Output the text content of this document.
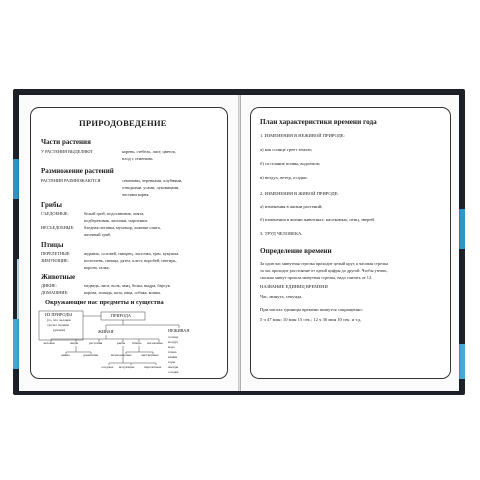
ПРИРОДОВЕДЕНИЕ
Части растения
У РАСТЕНИЯ ВЫДЕЛЯЮТ	корень, стебель, лист, цветок,
плод с семенами.
Размножение растений
РАСТЕНИЯ РАЗМНОЖАЮТСЯ	семенами, черенками, клубнями,
отводками, усами, луковицами,
частями корня.
Грибы
СЪЕДОБНЫЕ:	белый гриб, подосиновик, опята,
подберезовик, лисички, сыроежки.
НЕСЪЕДОБНЫЕ: бледная поганка, мухомор, ложные опята,
желчный гриб.
Птицы
ПЕРЕЛЕТНЫЕ:	журавль, соловей, скворец, ласточка, грач, кукушка.
ЗИМУЮЩИЕ:	поползень, синица, дятел, клест, воробей, снегирь,
ворона, галка.
Животные
ДИКИЕ:	медведь, лиса, волк, заяц, белка, выдра, барсук.
ДОМАШНИЕ:	корова, лошадь, коза, овца, собака, кошка.
Окружающие нас предметы и существа
ИЗ ПРИРОДЫ
(то, что человек
сделал своими
руками)
ПРИРОДА
ЖИВАЯ	НЕЖИВАЯ
человек	звери	растения	рыбы птицы насекомые
дикие	домашние	вечнозеленые	лиственные
солнце
воздух
вода
почва
камни
горы
звезды
осадки
оседлые кочующие	перелетные
План характеристики времени года
1. ИЗМЕНЕНИЯ В НЕЖИВОЙ ПРИРОДЕ:
а) как солнце греет землю;
б) состояние почвы, водоемов;
в) воздух, ветер, осадки.
2. ИЗМЕНЕНИЯ В ЖИВОЙ ПРИРОДЕ:
а) изменения в жизни растений;
б) изменения в жизни животных: насекомых, птиц, зверей.
3. ТРУД ЧЕЛОВЕКА.
Определение времени
За один час минутная стрелка проходит целый круг, а часовая стрелка
за час проходит расстояние от одной цифры до другой. Чтобы узнать,
сколько минут прошла минутная стрелка, надо считать от 12.
НАЗВАНИЕ ЕДИНИЦ ВРЕМЕНИ
Час, минута, секунда.
При числах единицы времени пишутся сокращенно:
5 ч 47 мин; 10 мин 15 сек.; 12 ч 30 мин 10 сек. и т.д.
